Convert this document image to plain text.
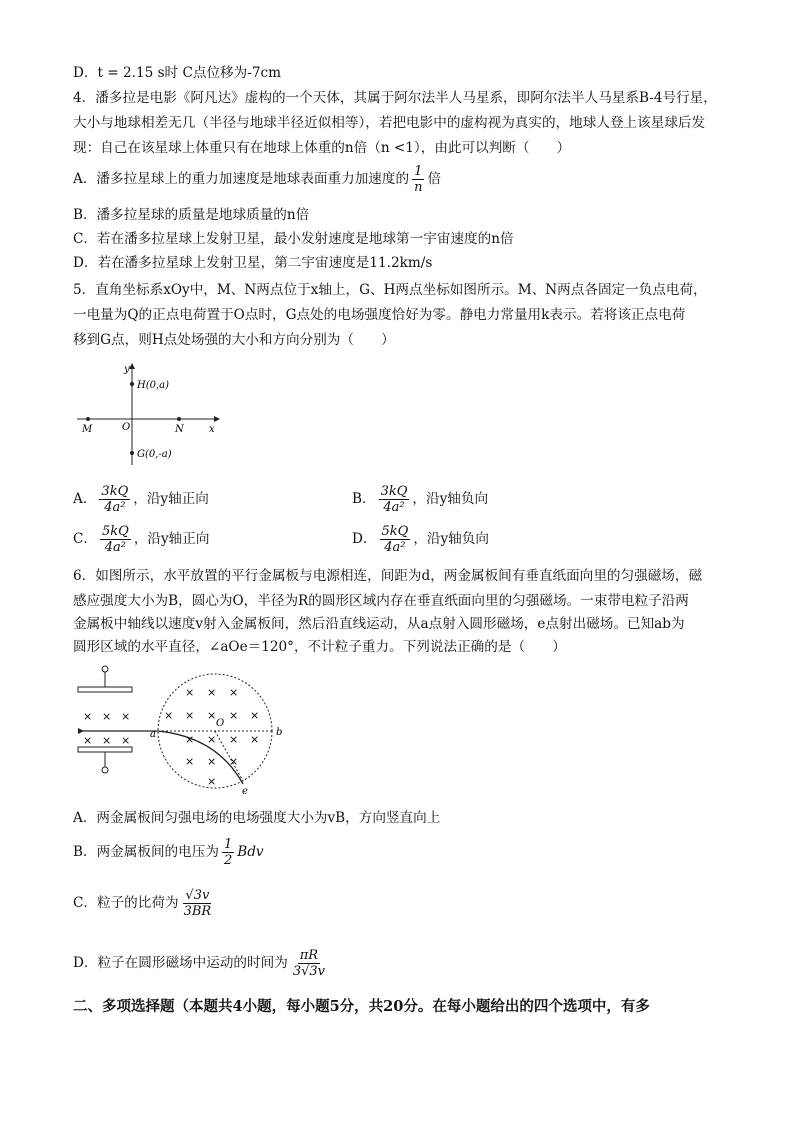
D．t = 2.15 s时 C点位移为-7cm
4．潘多拉是电影《阿凡达》虚构的一个天体，其属于阿尔法半人马星系，即阿尔法半人马星系B-4号行星，
大小与地球相差无几（半径与地球半径近似相等），若把电影中的虚构视为真实的，地球人登上该星球后发
现：自己在该星球上体重只有在地球上体重的n倍（n <1），由此可以判断（　　）
A．潘多拉星球上的重力加速度是地球表面重力加速度的 $\frac{1}{n}$ 倍
B．潘多拉星球的质量是地球质量的n倍
C．若在潘多拉星球上发射卫星，最小发射速度是地球第一宇宙速度的n倍
D．若在潘多拉星球上发射卫星，第二宇宙速度是11.2km/s
5．直角坐标系xOy中，M、N两点位于x轴上，G、H两点坐标如图所示。M、N两点各固定一负点电荷，
一电量为Q的正点电荷置于O点时，G点处的电场强度恰好为零。静电力常量用k表示。若将该正点电荷
移到G点，则H点处场强的大小和方向分别为（　　）
y
x
H(0,a)
G(0,-a)
M	O	N
A． $\frac{3kQ}{\text{4a²}}$ ，沿y轴正向	B． $\frac{3kQ}{\text{4a²}}$ ，沿y轴负向
C． $\frac{5kQ}{\text{4a²}}$ ，沿y轴正向	D． $\frac{5kQ}{\text{4a²}}$ ，沿y轴负向
6．如图所示，水平放置的平行金属板与电源相连，间距为d，两金属板间有垂直纸面向里的匀强磁场，磁
感应强度大小为B，圆心为O，半径为R的圆形区域内存在垂直纸面向里的匀强磁场。一束带电粒子沿两
金属板中轴线以速度v射入金属板间，然后沿直线运动，从a点射入圆形磁场，e点射出磁场。已知ab为
圆形区域的水平直径，∠aOe＝120°，不计粒子重力。下列说法正确的是（　　）
× × ×
× × ×
× × ×
× × × × ×
× × × ×
× × ×
×
a	b
O
e
A．两金属板间匀强电场的电场强度大小为vB，方向竖直向上
B．两金属板间的电压为 $\frac{1}{2}$ Bdv
C．粒子的比荷为 $\frac{√3v}{3BR}$
D．粒子在圆形磁场中运动的时间为 $\frac{\pi R}{3√3v}$
二、多项选择题（本题共4小题，每小题5分，共20分。在每小题给出的四个选项中，有多
